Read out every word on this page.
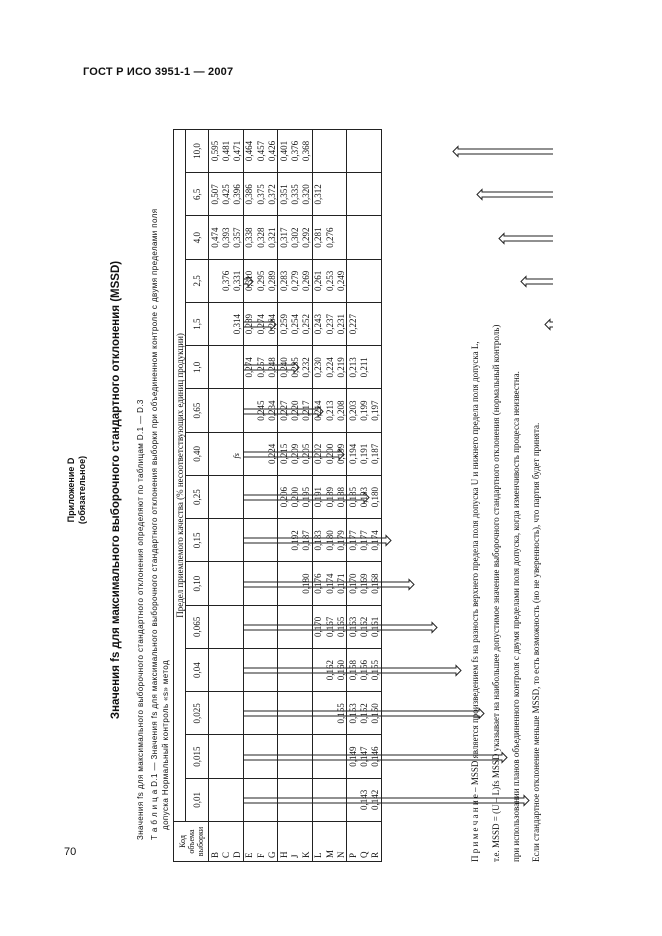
ГОСТ Р ИСО 3951-1 — 2007
70
Приложение D (обязательное) Значения fs для максимального выборочного стандартного отклонения (MSSD) Значения fs для максимального выборочного стандартного отклонения определяют по таблицам D.1 — D.3 Т а б л и ц а D.1 — Значения fs для максимального выборочного стандартного отклонения выборки при объединенном контроле с двумя пределами поля допуска Нормальный контроль «s» метод
Код объема выборки	Предел приемлемого качества (% несоответствующих единиц продукции)															
	0,01	0,015	0,025	0,04	0,065	0,10	0,15	0,25	0,40	0,65	1,0	1,5	2,5	4,0	6,5	10,0
B														0,474	0,507	0,595
C													0,376	0,393	0,425	0,481
D												0,314	0,331	0,357	0,396	0,471
E											0,274	0,289	0,310	0,338	0,386	0,464
F										0,245	0,257	0,274	0,295	0,328	0,375	0,457
G									0,224	0,234	0,248	0,264	0,289	0,321	0,372	0,426
H								0,206	0,215	0,227	0,240	0,259	0,283	0,317	0,351	0,401
J							0,192	0,200	0,209	0,220	0,235	0,254	0,279	0,302	0,335	0,376
K						0,180	0,187	0,195	0,205	0,217	0,232	0,252	0,269	0,292	0,320	0,368
L					0,170	0,176	0,183	0,191	0,202	0,214	0,230	0,243	0,261	0,281	0,312	
M				0,162	0,167	0,174	0,180	0,189	0,200	0,213	0,224	0,237	0,253	0,276		
N			0,155	0,160	0,165	0,171	0,179	0,188	0,199	0,208	0,219	0,231	0,249			
P		0,149	0,153	0,158	0,163	0,170	0,177	0,185	0,194	0,203	0,213	0,227				
Q	0,143	0,147	0,152	0,156	0,162	0,169	0,177	0,183	0,191	0,199	0,211					
R	0,142	0,146	0,150	0,155	0,161	0,168	0,174	0,180	0,187	0,197						
fs	П р и м е ч а н и е – MSSD является произведением fs на разность верхнего предела поля допуска U и нижнего предела поля допуска L, т.е. MSSD = (U – L)fs MSSD указывает на наибольшее допустимое значение выборочного стандартного отклонения (нормальный контроль) при использовании планов объединенного контроля с двумя пределами поля допуска, когда изменчивость процесса неизвестна. Если стандартное отклонение меньше MSSD, то есть возможность (но не уверенность), что партия будет принята.
